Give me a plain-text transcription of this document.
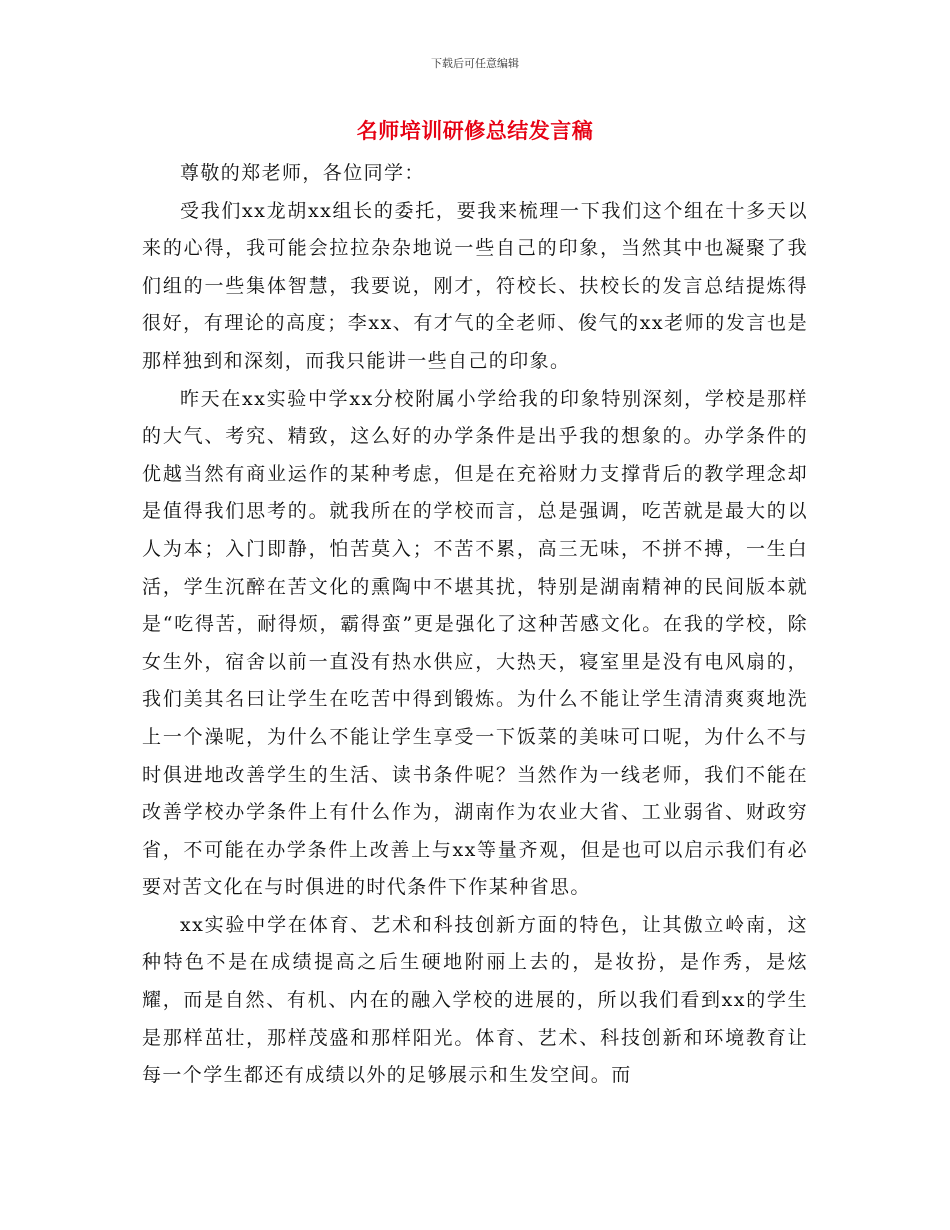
下载后可任意编辑
名师培训研修总结发言稿

尊敬的郑老师，各位同学：

受我们xx龙胡xx组长的委托，要我来梳理一下我们这个组在十多天以来的心得，我可能会拉拉杂杂地说一些自己的印象，当然其中也凝聚了我们组的一些集体智慧，我要说，刚才，符校长、扶校长的发言总结提炼得很好，有理论的高度；李xx、有才气的全老师、俊气的xx老师的发言也是那样独到和深刻，而我只能讲一些自己的印象。

昨天在xx实验中学xx分校附属小学给我的印象特别深刻，学校是那样的大气、考究、精致，这么好的办学条件是出乎我的想象的。办学条件的优越当然有商业运作的某种考虑，但是在充裕财力支撑背后的教学理念却是值得我们思考的。就我所在的学校而言，总是强调，吃苦就是最大的以人为本；入门即静，怕苦莫入；不苦不累，高三无味，不拼不搏，一生白活，学生沉醉在苦文化的熏陶中不堪其扰，特别是湖南精神的民间版本就是“吃得苦，耐得烦，霸得蛮”更是强化了这种苦感文化。在我的学校，除女生外，宿舍以前一直没有热水供应，大热天，寝室里是没有电风扇的，我们美其名曰让学生在吃苦中得到锻炼。为什么不能让学生清清爽爽地洗上一个澡呢，为什么不能让学生享受一下饭菜的美味可口呢，为什么不与时俱进地改善学生的生活、读书条件呢？当然作为一线老师，我们不能在改善学校办学条件上有什么作为，湖南作为农业大省、工业弱省、财政穷省，不可能在办学条件上改善上与xx等量齐观，但是也可以启示我们有必要对苦文化在与时俱进的时代条件下作某种省思。

xx实验中学在体育、艺术和科技创新方面的特色，让其傲立岭南，这种特色不是在成绩提高之后生硬地附丽上去的，是妆扮，是作秀，是炫耀，而是自然、有机、内在的融入学校的进展的，所以我们看到xx的学生是那样茁壮，那样茂盛和那样阳光。体育、艺术、科技创新和环境教育让每一个学生都还有成绩以外的足够展示和生发空间。而
